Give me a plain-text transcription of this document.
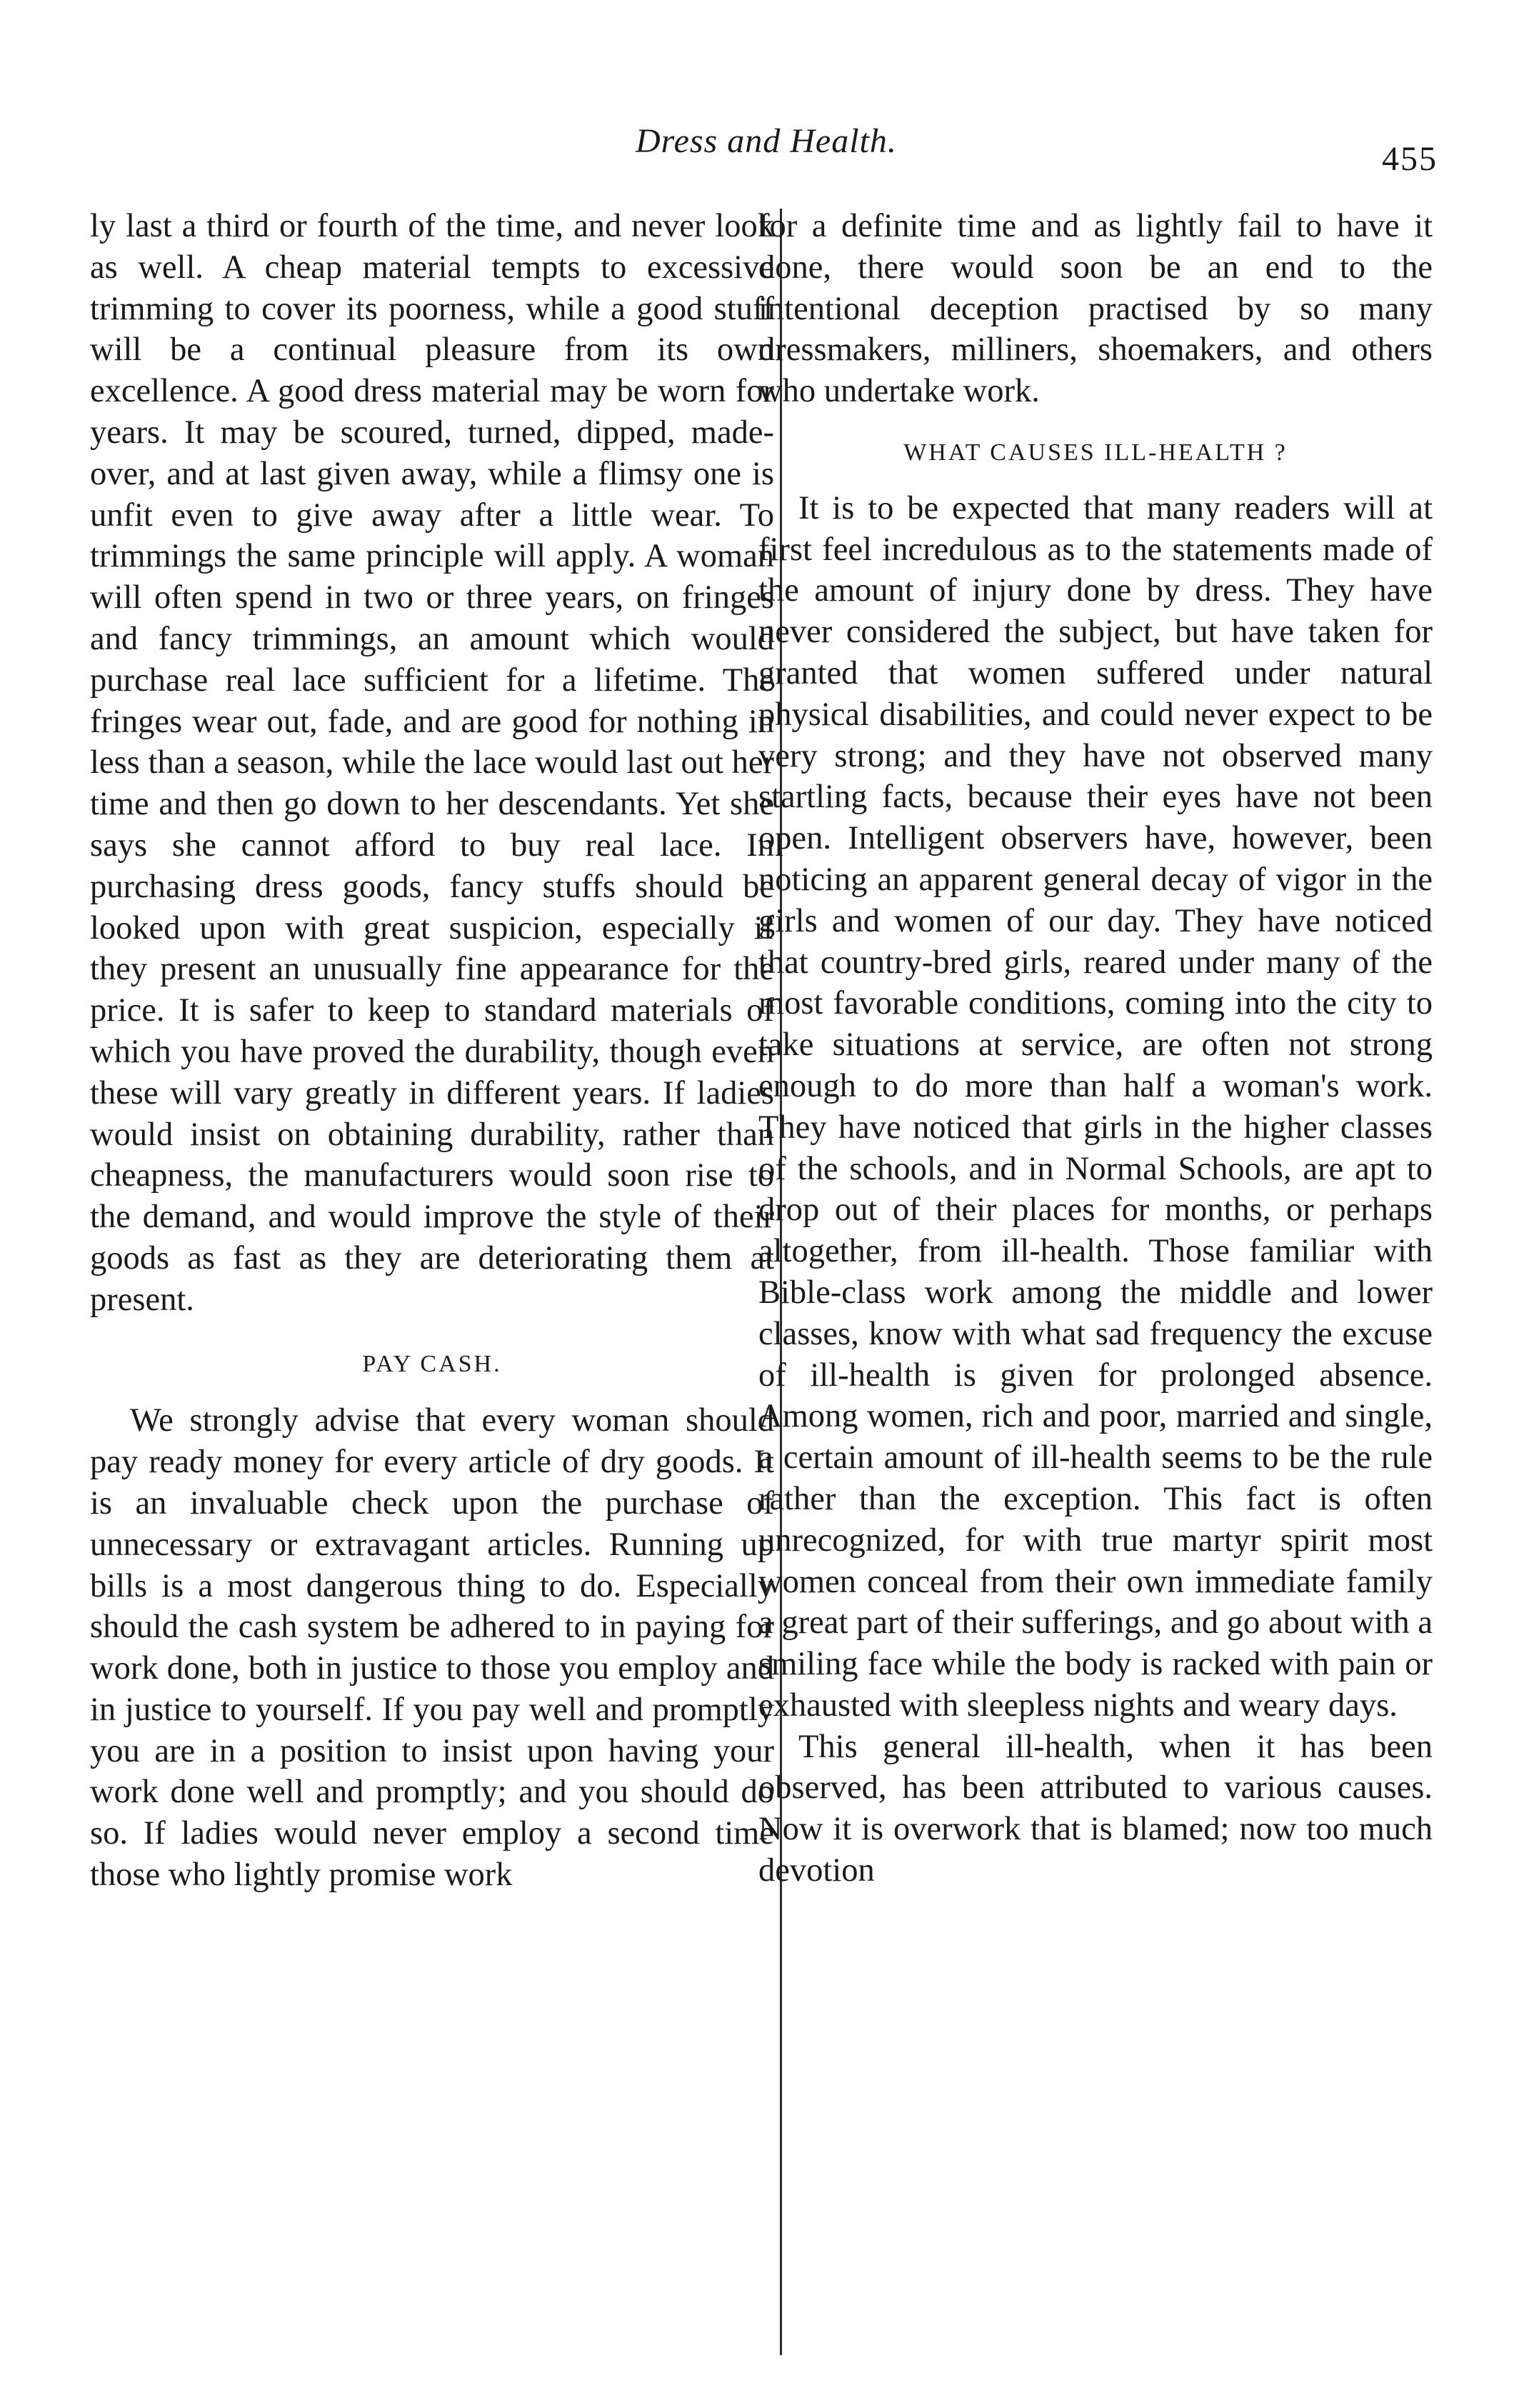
Dress and Health.	455

ly last a third or fourth of the time, and never look as well. A cheap material tempts to excessive trimming to cover its poorness, while a good stuff will be a continual pleasure from its own excellence. A good dress material may be worn for years. It may be scoured, turned, dipped, made-over, and at last given away, while a flimsy one is unfit even to give away after a little wear. To trimmings the same principle will apply. A woman will often spend in two or three years, on fringes and fancy trimmings, an amount which would purchase real lace sufficient for a lifetime. The fringes wear out, fade, and are good for nothing in less than a season, while the lace would last out her time and then go down to her descendants. Yet she says she cannot afford to buy real lace. In purchasing dress goods, fancy stuffs should be looked upon with great suspicion, especially if they present an unusually fine appearance for the price. It is safer to keep to standard materials of which you have proved the durability, though even these will vary greatly in different years. If ladies would insist on obtaining durability, rather than cheapness, the manufacturers would soon rise to the demand, and would improve the style of their goods as fast as they are deteriorating them at present.

PAY CASH.

We strongly advise that every woman should pay ready money for every article of dry goods. It is an invaluable check upon the purchase of unnecessary or extravagant articles. Running up bills is a most dangerous thing to do. Especially should the cash system be adhered to in paying for work done, both in justice to those you employ and in justice to yourself. If you pay well and promptly you are in a position to insist upon having your work done well and promptly; and you should do so. If ladies would never employ a second time those who lightly promise work

for a definite time and as lightly fail to have it done, there would soon be an end to the intentional deception practised by so many dressmakers, milliners, shoemakers, and others who undertake work.

WHAT CAUSES ILL-HEALTH ?

It is to be expected that many readers will at first feel incredulous as to the statements made of the amount of injury done by dress. They have never considered the subject, but have taken for granted that women suffered under natural physical disabilities, and could never expect to be very strong; and they have not observed many startling facts, because their eyes have not been open. Intelligent observers have, however, been noticing an apparent general decay of vigor in the girls and women of our day. They have noticed that country-bred girls, reared under many of the most favorable conditions, coming into the city to take situations at service, are often not strong enough to do more than half a woman's work. They have noticed that girls in the higher classes of the schools, and in Normal Schools, are apt to drop out of their places for months, or perhaps altogether, from ill-health. Those familiar with Bible-class work among the middle and lower classes, know with what sad frequency the excuse of ill-health is given for prolonged absence. Among women, rich and poor, married and single, a certain amount of ill-health seems to be the rule rather than the exception. This fact is often unrecognized, for with true martyr spirit most women conceal from their own immediate family a great part of their sufferings, and go about with a smiling face while the body is racked with pain or exhausted with sleepless nights and weary days.

This general ill-health, when it has been observed, has been attributed to various causes. Now it is overwork that is blamed; now too much devotion
